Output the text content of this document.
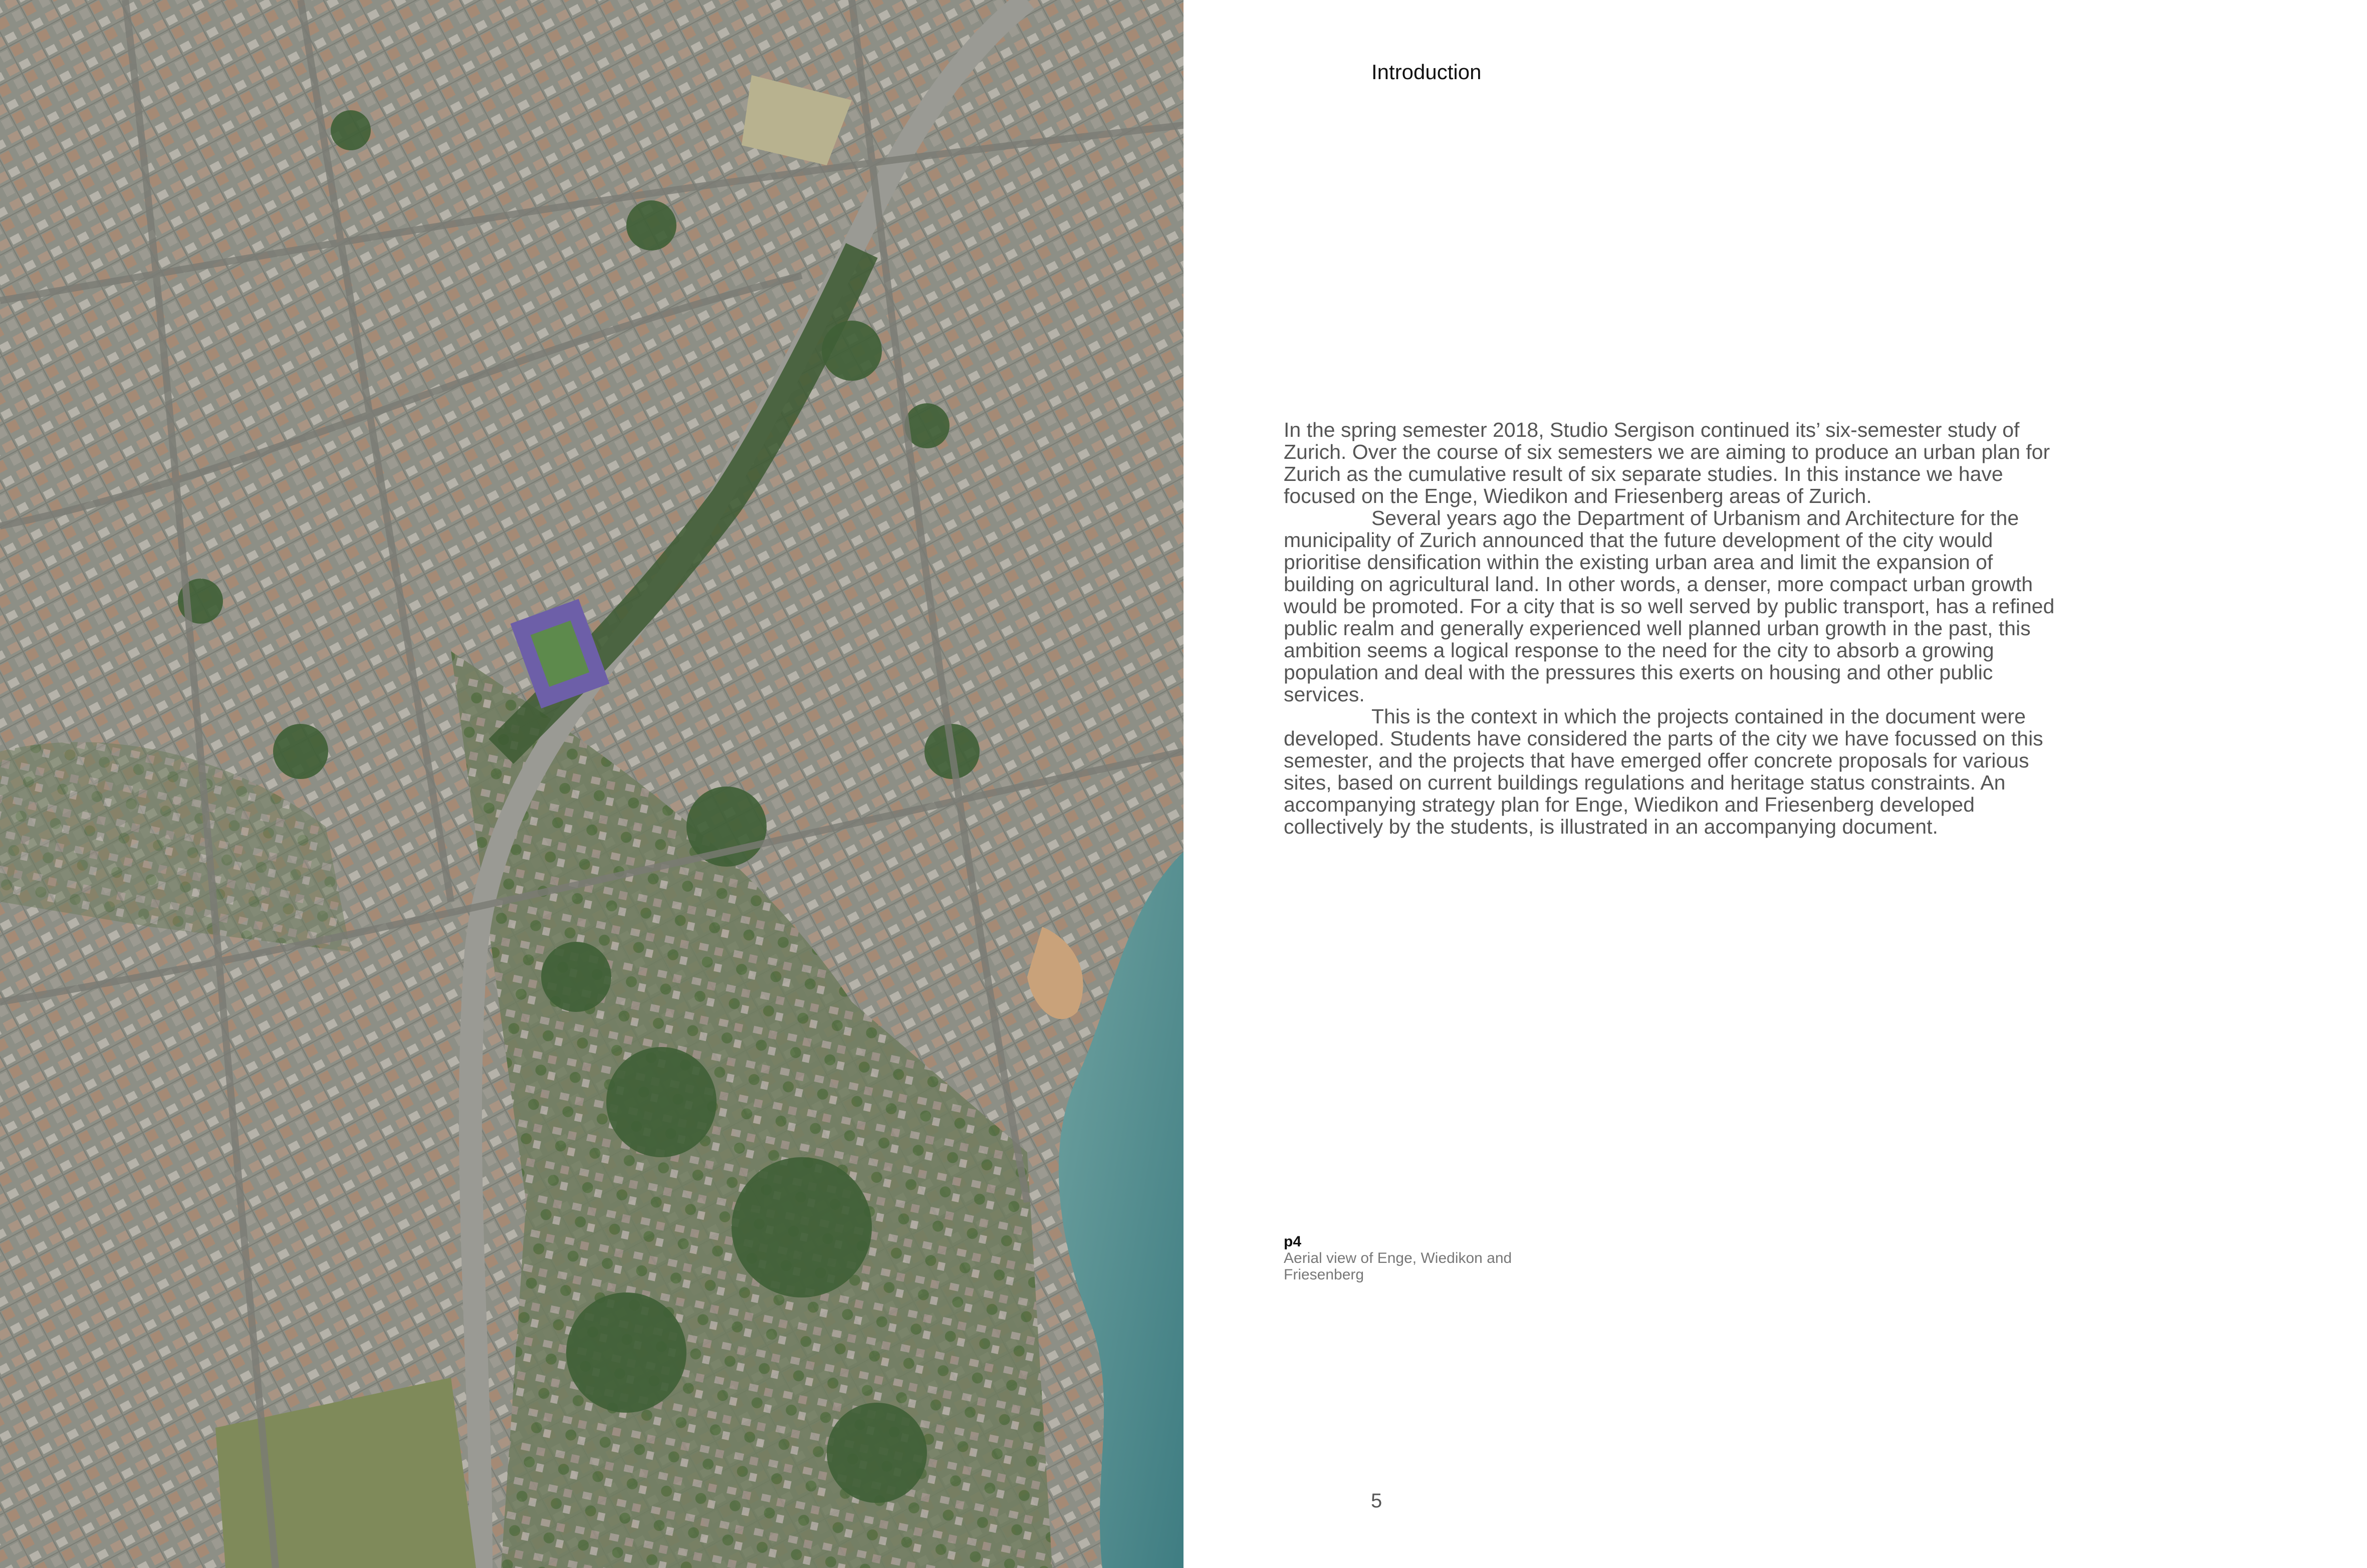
Introduction

In the spring semester 2018, Studio Sergison continued its’ six-semester study of Zurich. Over the course of six semesters we are aiming to produce an urban plan for Zurich as the cumulative result of six separate studies. In this instance we have focused on the Enge, Wiedikon and Friesenberg areas of Zurich.

Several years ago the Department of Urbanism and Architecture for the municipality of Zurich announced that the future development of the city would prioritise densification within the existing urban area and limit the expansion of building on agricultural land. In other words, a denser, more compact urban growth would be promoted. For a city that is so well served by public transport, has a refined public realm and generally experienced well planned urban growth in the past, this ambition seems a logical response to the need for the city to absorb a growing population and deal with the pressures this exerts on housing and other public services.

This is the context in which the projects contained in the document were developed. Students have considered the parts of the city we have focussed on this semester, and the projects that have emerged offer concrete proposals for various sites, based on current buildings regulations and heritage status constraints. An accompanying strategy plan for Enge, Wiedikon and Friesenberg developed collectively by the students, is illustrated in an accompanying document.

p4
Aerial view of Enge, Wiedikon and Friesenberg
5
